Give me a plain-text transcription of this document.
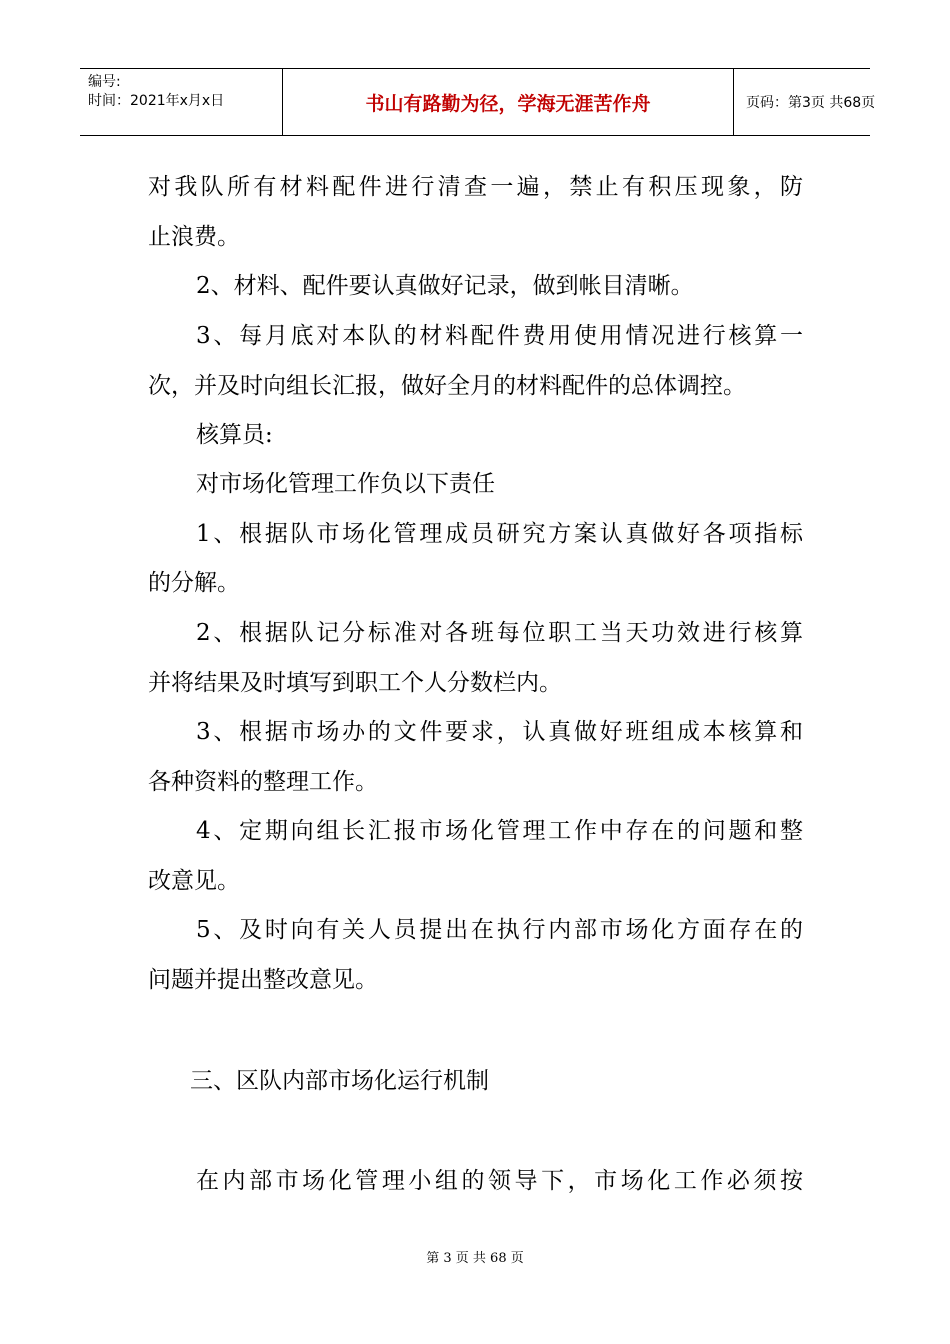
编号:
时间：2021年x月x日	书山有路勤为径，学海无涯苦作舟	页码：第3页 共68页
对我队所有材料配件进行清查一遍，禁止有积压现象，防
止浪费。
2、材料、配件要认真做好记录，做到帐目清晰。
3、每月底对本队的材料配件费用使用情况进行核算一
次，并及时向组长汇报，做好全月的材料配件的总体调控。
核算员:
对市场化管理工作负以下责任
1、根据队市场化管理成员研究方案认真做好各项指标
的分解。
2、根据队记分标准对各班每位职工当天功效进行核算
并将结果及时填写到职工个人分数栏内。
3、根据市场办的文件要求，认真做好班组成本核算和
各种资料的整理工作。
4、定期向组长汇报市场化管理工作中存在的问题和整
改意见。
5、及时向有关人员提出在执行内部市场化方面存在的
问题并提出整改意见。
三、区队内部市场化运行机制
在内部市场化管理小组的领导下，市场化工作必须按
第 3 页 共 68 页
